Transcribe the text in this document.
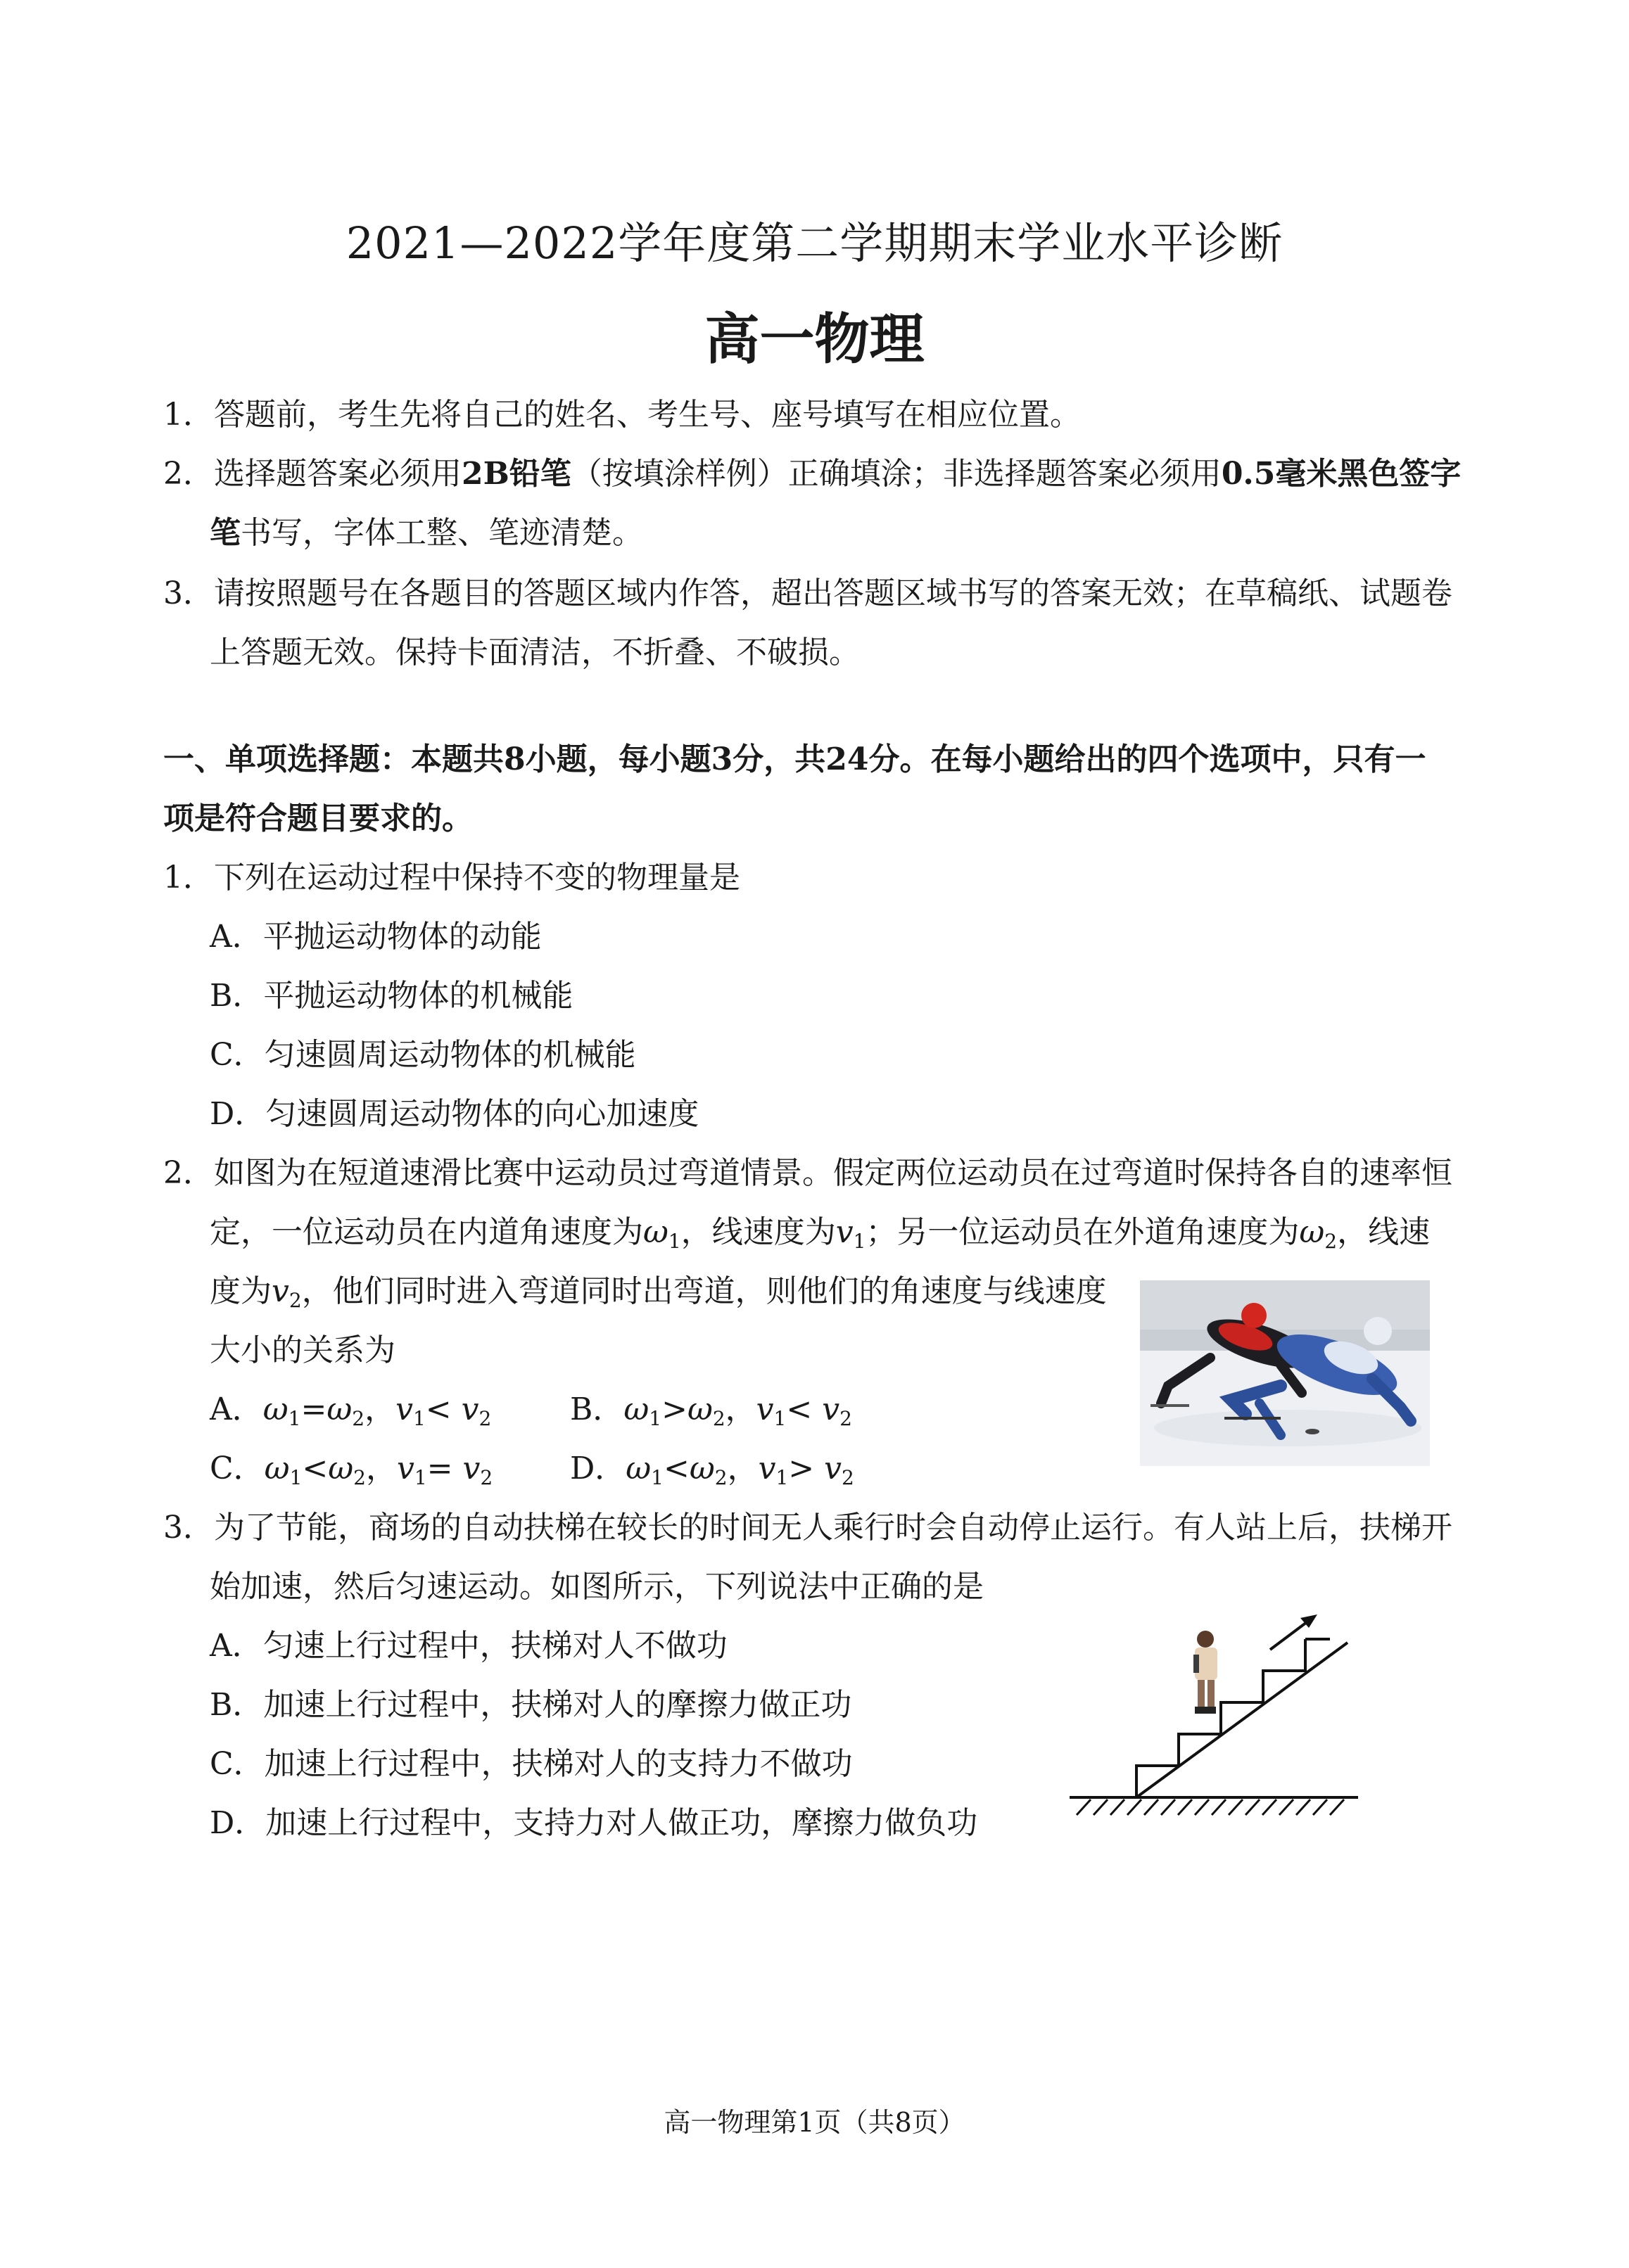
2021—2022学年度第二学期期末学业水平诊断
高一物理
1．答题前，考生先将自己的姓名、考生号、座号填写在相应位置。
2．选择题答案必须用2B铅笔（按填涂样例）正确填涂；非选择题答案必须用0.5毫米黑色签字
笔书写，字体工整、笔迹清楚。
3．请按照题号在各题目的答题区域内作答，超出答题区域书写的答案无效；在草稿纸、试题卷
上答题无效。保持卡面清洁，不折叠、不破损。
一、单项选择题：本题共8小题，每小题3分，共24分。在每小题给出的四个选项中，只有一
项是符合题目要求的。
1．下列在运动过程中保持不变的物理量是
A．平抛运动物体的动能
B．平抛运动物体的机械能
C．匀速圆周运动物体的机械能
D．匀速圆周运动物体的向心加速度
2．如图为在短道速滑比赛中运动员过弯道情景。假定两位运动员在过弯道时保持各自的速率恒
定，一位运动员在内道角速度为$\omega_1$，线速度为$v_1$；另一位运动员在外道角速度为$\omega_2$，线速
度为$v_2$，他们同时进入弯道同时出弯道，则他们的角速度与线速度
大小的关系为
A．$\omega_1=\omega_2$，$v_1< v_2$	B．$\omega_1>\omega_2$，$v_1< v_2$
C．$\omega_1<\omega_2$，$v_1= v_2$ D．$\omega_1<\omega_2$，$v_1> v_2$
3．为了节能，商场的自动扶梯在较长的时间无人乘行时会自动停止运行。有人站上后，扶梯开
始加速，然后匀速运动。如图所示，下列说法中正确的是
A．匀速上行过程中，扶梯对人不做功
B．加速上行过程中，扶梯对人的摩擦力做正功
C．加速上行过程中，扶梯对人的支持力不做功
D．加速上行过程中，支持力对人做正功，摩擦力做负功
高一物理第1页（共8页）
